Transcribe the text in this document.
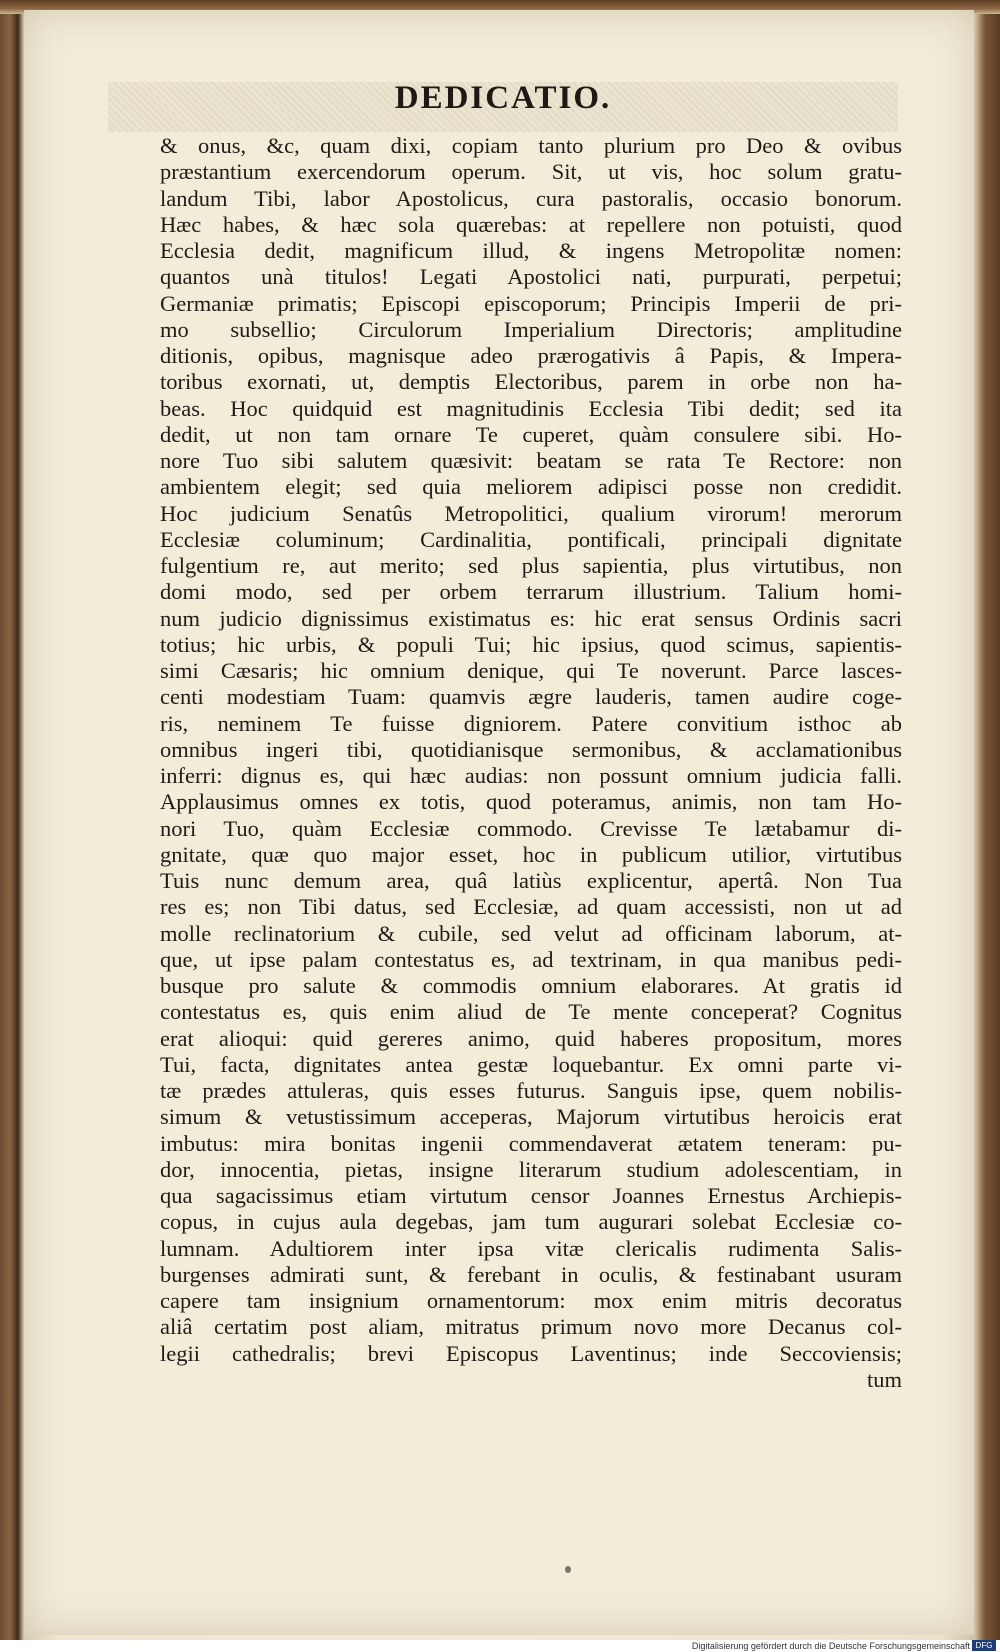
DEDICATIO.
& onus, &c, quam dixi, copiam tanto plurium pro Deo & ovibus
præstantium exercendorum operum. Sit, ut vis, hoc solum gratu-
landum Tibi, labor Apostolicus, cura pastoralis, occasio bonorum.
Hæc habes, & hæc sola quærebas: at repellere non potuisti, quod
Ecclesia dedit, magnificum illud, & ingens Metropolitæ nomen:
quantos unà titulos! Legati Apostolici nati, purpurati, perpetui;
Germaniæ primatis; Episcopi episcoporum; Principis Imperii de pri-
mo subsellio; Circulorum Imperialium Directoris; amplitudine
ditionis, opibus, magnisque adeo prærogativis â Papis, & Impera-
toribus exornati, ut, demptis Electoribus, parem in orbe non ha-
beas. Hoc quidquid est magnitudinis Ecclesia Tibi dedit; sed ita
dedit, ut non tam ornare Te cuperet, quàm consulere sibi. Ho-
nore Tuo sibi salutem quæsivit: beatam se rata Te Rectore: non
ambientem elegit; sed quia meliorem adipisci posse non credidit.
Hoc judicium Senatûs Metropolitici, qualium virorum! merorum
Ecclesiæ columinum; Cardinalitia, pontificali, principali dignitate
fulgentium re, aut merito; sed plus sapientia, plus virtutibus, non
domi modo, sed per orbem terrarum illustrium. Talium homi-
num judicio dignissimus existimatus es: hic erat sensus Ordinis sacri
totius; hic urbis, & populi Tui; hic ipsius, quod scimus, sapientis-
simi Cæsaris; hic omnium denique, qui Te noverunt. Parce lasces-
centi modestiam Tuam: quamvis ægre lauderis, tamen audire coge-
ris, neminem Te fuisse digniorem. Patere convitium isthoc ab
omnibus ingeri tibi, quotidianisque sermonibus, & acclamationibus
inferri: dignus es, qui hæc audias: non possunt omnium judicia falli.
Applausimus omnes ex totis, quod poteramus, animis, non tam Ho-
nori Tuo, quàm Ecclesiæ commodo. Crevisse Te lætabamur di-
gnitate, quæ quo major esset, hoc in publicum utilior, virtutibus
Tuis nunc demum area, quâ latiùs explicentur, apertâ. Non Tua
res es; non Tibi datus, sed Ecclesiæ, ad quam accessisti, non ut ad
molle reclinatorium & cubile, sed velut ad officinam laborum, at-
que, ut ipse palam contestatus es, ad textrinam, in qua manibus pedi-
busque pro salute & commodis omnium elaborares. At gratis id
contestatus es, quis enim aliud de Te mente conceperat? Cognitus
erat alioqui: quid gereres animo, quid haberes propositum, mores
Tui, facta, dignitates antea gestæ loquebantur. Ex omni parte vi-
tæ prædes attuleras, quis esses futurus. Sanguis ipse, quem nobilis-
simum & vetustissimum acceperas, Majorum virtutibus heroicis erat
imbutus: mira bonitas ingenii commendaverat ætatem teneram: pu-
dor, innocentia, pietas, insigne literarum studium adolescentiam, in
qua sagacissimus etiam virtutum censor Joannes Ernestus Archiepis-
copus, in cujus aula degebas, jam tum augurari solebat Ecclesiæ co-
lumnam. Adultiorem inter ipsa vitæ clericalis rudimenta Salis-
burgenses admirati sunt, & ferebant in oculis, & festinabant usuram
capere tam insignium ornamentorum: mox enim mitris decoratus
aliâ certatim post aliam, mitratus primum novo more Decanus col-
legii cathedralis; brevi Episcopus Laventinus; inde Seccoviensis;
tum
Digitalisierung gefördert durch die Deutsche Forschungsgemeinschaft DFG
